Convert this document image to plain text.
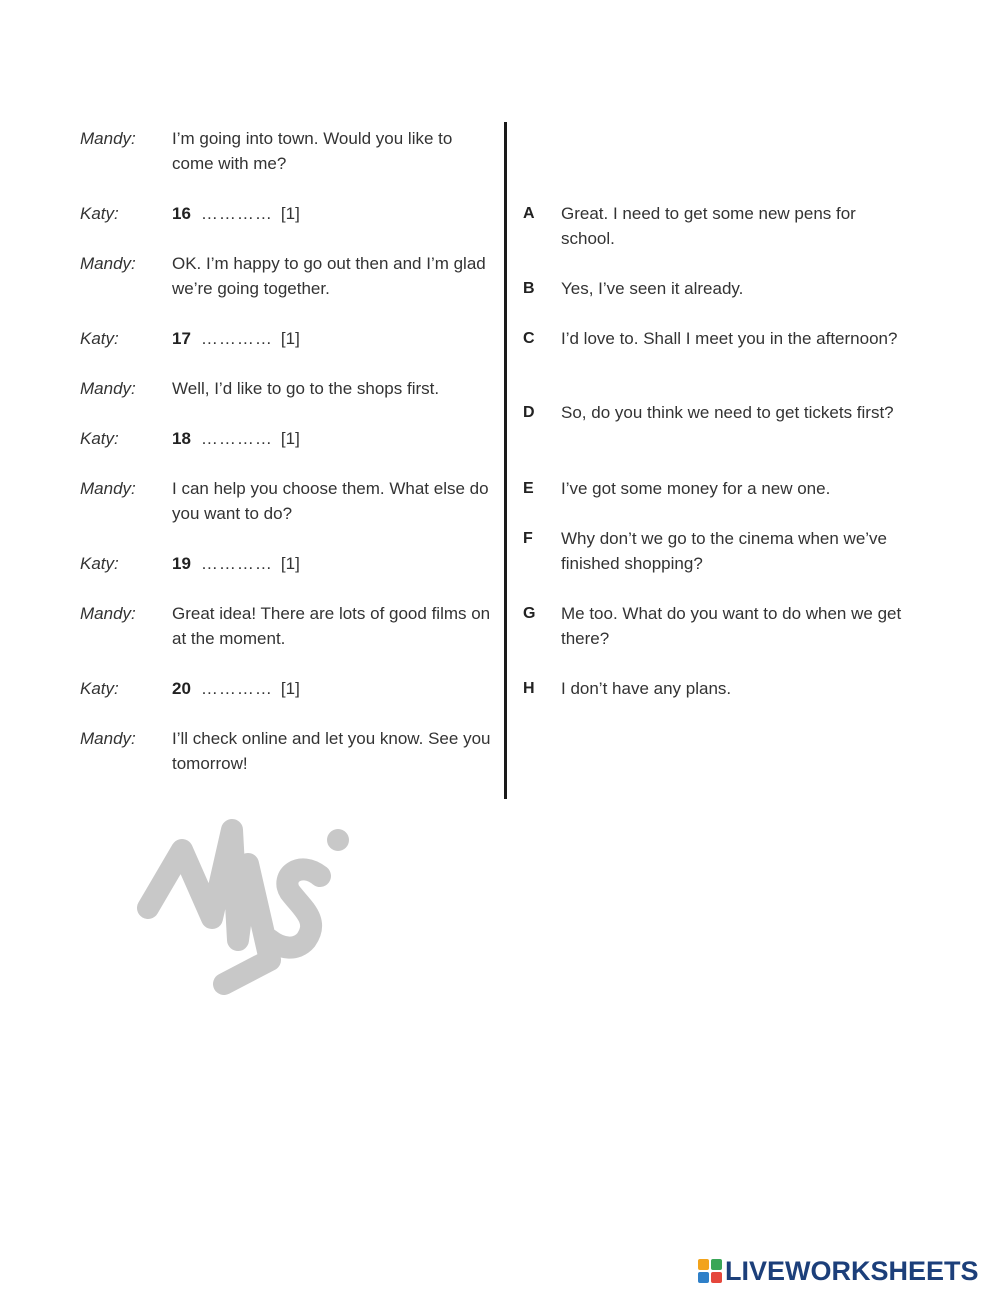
Mandy: I’m going into town. Would you like to come with me?
Katy:	16 ………… [1]
Mandy: OK. I’m happy to go out then and I’m glad we’re going together.
Katy:	17 ………… [1]
Mandy: Well, I’d like to go to the shops first.
Katy:	18 ………… [1]
Mandy: I can help you choose them. What else do you want to do?
Katy:	19 ………… [1]
Mandy: Great idea! There are lots of good films on at the moment.
Katy:	20 ………… [1]
Mandy: I’ll check online and let you know. See you tomorrow!
A Great. I need to get some new pens for school.
B Yes, I’ve seen it already.
C I’d love to. Shall I meet you in the afternoon?
D So, do you think we need to get tickets first?
E I’ve got some money for a new one.
F Why don’t we go to the cinema when we’ve finished shopping?
G Me too. What do you want to do when we get there?
H I don’t have any plans.
LIVEWORKSHEETS
